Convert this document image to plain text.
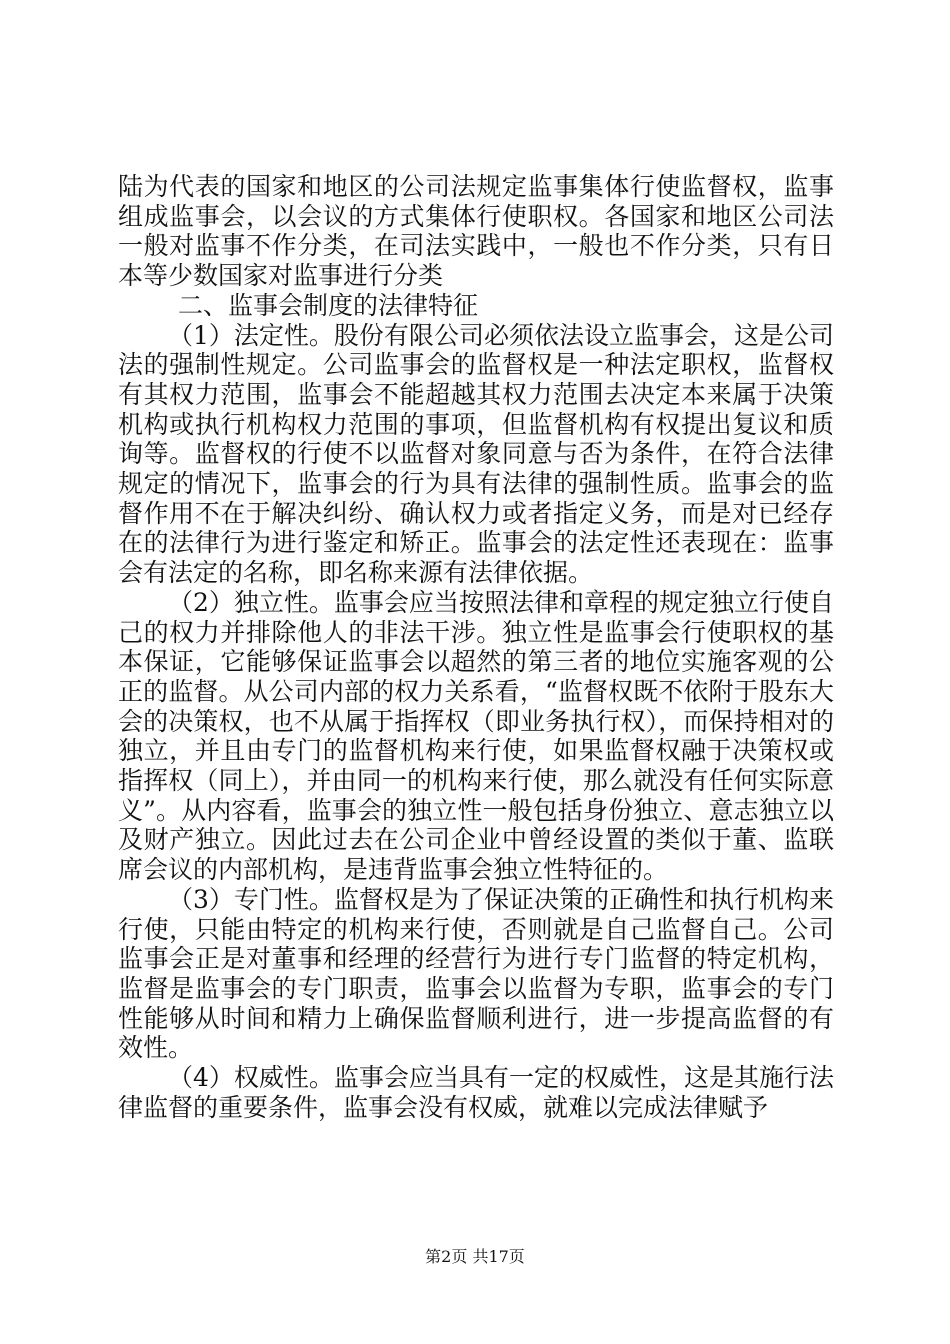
陆为代表的国家和地区的公司法规定监事集体行使监督权，监事组成监事会，以会议的方式集体行使职权。各国家和地区公司法一般对监事不作分类，在司法实践中，一般也不作分类，只有日本等少数国家对监事进行分类

二、监事会制度的法律特征

（1）法定性。股份有限公司必须依法设立监事会，这是公司法的强制性规定。公司监事会的监督权是一种法定职权，监督权有其权力范围，监事会不能超越其权力范围去决定本来属于决策机构或执行机构权力范围的事项，但监督机构有权提出复议和质询等。监督权的行使不以监督对象同意与否为条件，在符合法律规定的情况下，监事会的行为具有法律的强制性质。监事会的监督作用不在于解决纠纷、确认权力或者指定义务，而是对已经存在的法律行为进行鉴定和矫正。监事会的法定性还表现在：监事会有法定的名称，即名称来源有法律依据。

（2）独立性。监事会应当按照法律和章程的规定独立行使自己的权力并排除他人的非法干涉。独立性是监事会行使职权的基本保证，它能够保证监事会以超然的第三者的地位实施客观的公正的监督。从公司内部的权力关系看，“监督权既不依附于股东大会的决策权，也不从属于指挥权（即业务执行权），而保持相对的独立，并且由专门的监督机构来行使，如果监督权融于决策权或指挥权（同上），并由同一的机构来行使，那么就没有任何实际意义”。从内容看，监事会的独立性一般包括身份独立、意志独立以及财产独立。因此过去在公司企业中曾经设置的类似于董、监联席会议的内部机构，是违背监事会独立性特征的。

（3）专门性。监督权是为了保证决策的正确性和执行机构来行使，只能由特定的机构来行使，否则就是自己监督自己。公司监事会正是对董事和经理的经营行为进行专门监督的特定机构，监督是监事会的专门职责，监事会以监督为专职，监事会的专门性能够从时间和精力上确保监督顺利进行，进一步提高监督的有效性。

（4）权威性。监事会应当具有一定的权威性，这是其施行法律监督的重要条件，监事会没有权威，就难以完成法律赋予

第2页 共17页
